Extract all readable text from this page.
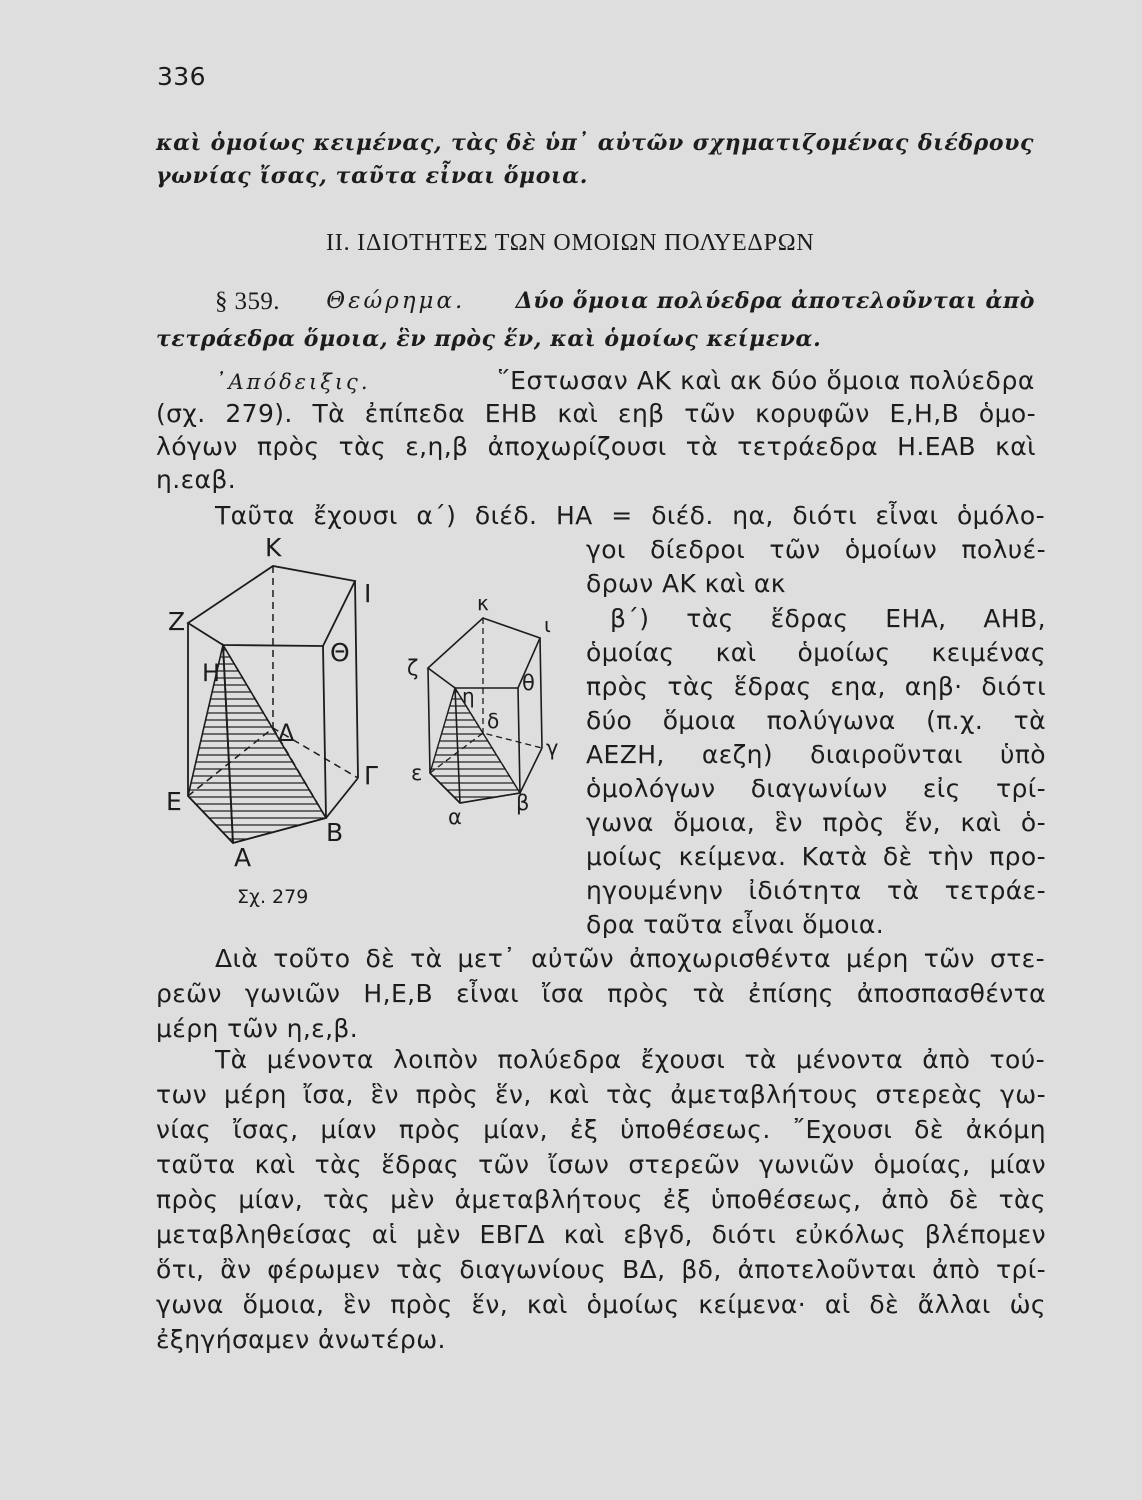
336
καὶ ὁμοίως κειμένας, τὰς δὲ ὑπ᾽ αὐτῶν σχηματιζομένας διέδρους
γωνίας ἴσας, ταῦτα εἶναι ὅμοια.
II. ΙΔΙΟΤΗΤΕΣ ΤΩΝ ΟΜΟΙΩΝ ΠΟΛΥΕΔΡΩΝ
§ 359. Θεώρημα. Δύο ὅμοια πολύεδρα ἀποτελοῦνται ἀπὸ
τετράεδρα ὅμοια, ἓν πρὸς ἕν, καὶ ὁμοίως κείμενα.
᾽Απόδειξις.	῞Εστωσαν ΑΚ καὶ ακ δύο ὅμοια πολύεδρα
(σχ. 279). Τὰ ἐπίπεδα ΕΗΒ καὶ εηβ τῶν κορυφῶν Ε,Η,Β ὁμο-
λόγων πρὸς τὰς ε,η,β ἀποχωρίζουσι τὰ τετράεδρα Η.ΕΑΒ καὶ
η.εαβ.
Ταῦτα ἔχουσι α΄) διέδ. ΗΑ = διέδ. ηα, διότι εἶναι ὁμόλο-
γοι δίεδροι τῶν ὁμοίων πολυέ-
δρων ΑΚ καὶ ακ
β΄) τὰς ἕδρας ΕΗΑ, ΑΗΒ,
ὁμοίας καὶ ὁμοίως κειμένας
πρὸς τὰς ἕδρας εηα, αηβ· διότι
δύο ὅμοια πολύγωνα (π.χ. τὰ
ΑΕΖΗ, αεζη) διαιροῦνται ὑπὸ
ὁμολόγων διαγωνίων εἰς τρί-
γωνα ὅμοια, ἓν πρὸς ἕν, καὶ ὁ-
μοίως κείμενα. Κατὰ δὲ τὴν προ-
ηγουμένην ἰδιότητα τὰ τετράε-
δρα ταῦτα εἶναι ὅμοια.
Κ
Ι
Ζ
Θ
Η
Δ
Γ
Ε
Β
Α
κ
ι
ζ
θ
η
δ
γ
ε
β
α
Σχ. 279
Διὰ τοῦτο δὲ τὰ μετ᾽ αὐτῶν ἀποχωρισθέντα μέρη τῶν στε-
ρεῶν γωνιῶν Η,Ε,Β εἶναι ἴσα πρὸς τὰ ἐπίσης ἀποσπασθέντα
μέρη τῶν η,ε,β.
Τὰ μένοντα λοιπὸν πολύεδρα ἔχουσι τὰ μένοντα ἀπὸ τού-
των μέρη ἴσα, ἓν πρὸς ἕν, καὶ τὰς ἀμεταβλήτους στερεὰς γω-
νίας ἴσας, μίαν πρὸς μίαν, ἐξ ὑποθέσεως. ῎Εχουσι δὲ ἀκόμη
ταῦτα καὶ τὰς ἕδρας τῶν ἴσων στερεῶν γωνιῶν ὁμοίας, μίαν
πρὸς μίαν, τὰς μὲν ἀμεταβλήτους ἐξ ὑποθέσεως, ἀπὸ δὲ τὰς
μεταβληθείσας αἱ μὲν ΕΒΓΔ καὶ εβγδ, διότι εὐκόλως βλέπομεν
ὅτι, ἂν φέρωμεν τὰς διαγωνίους ΒΔ, βδ, ἀποτελοῦνται ἀπὸ τρί-
γωνα ὅμοια, ἓν πρὸς ἕν, καὶ ὁμοίως κείμενα· αἱ δὲ ἄλλαι ὡς
ἐξηγήσαμεν ἀνωτέρω.
